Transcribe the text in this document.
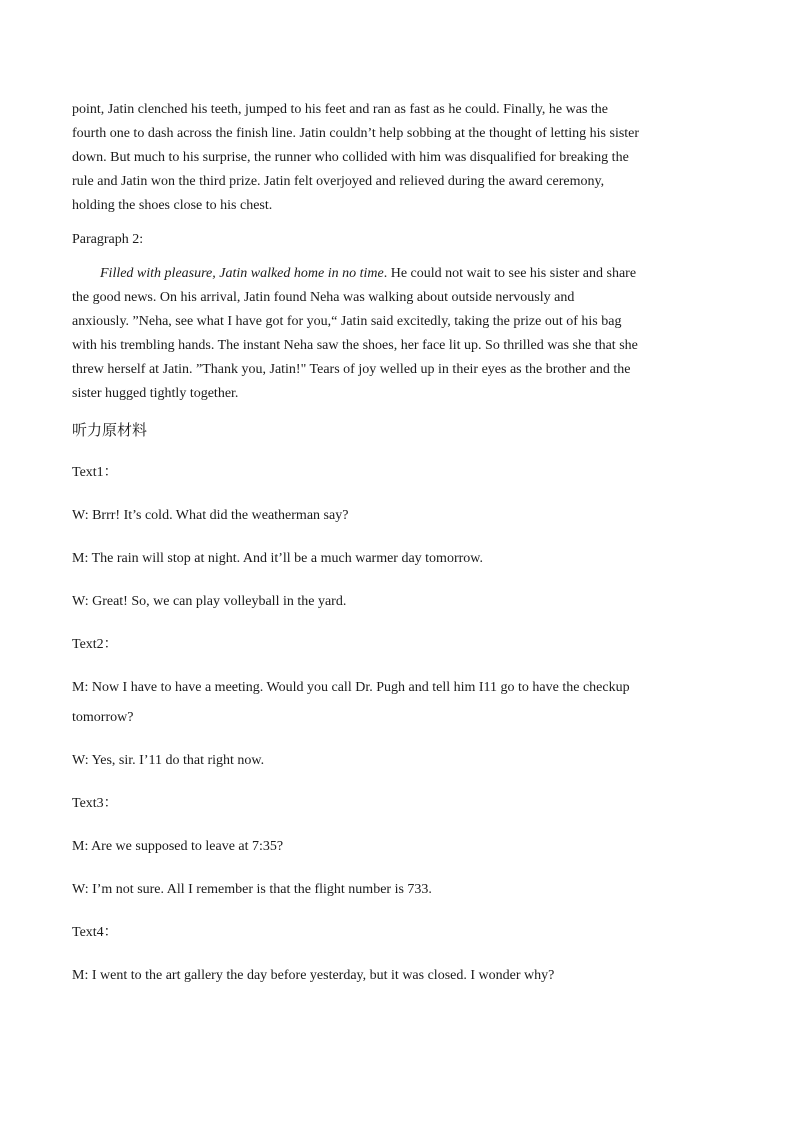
point, Jatin clenched his teeth, jumped to his feet and ran as fast as he could. Finally, he was the
fourth one to dash across the finish line. Jatin couldn’t help sobbing at the thought of letting his sister
down. But much to his surprise, the runner who collided with him was disqualified for breaking the
rule and Jatin won the third prize. Jatin felt overjoyed and relieved during the award ceremony,
holding the shoes close to his chest.

Paragraph 2:

Filled with pleasure, Jatin walked home in no time. He could not wait to see his sister and share
the good news. On his arrival, Jatin found Neha was walking about outside nervously and
anxiously. ”Neha, see what I have got for you,“ Jatin said excitedly, taking the prize out of his bag
with his trembling hands. The instant Neha saw the shoes, her face lit up. So thrilled was she that she
threw herself at Jatin. ”Thank you, Jatin!" Tears of joy welled up in their eyes as the brother and the
sister hugged tightly together.

听力原材料

Text1：

W: Brrr! It’s cold. What did the weatherman say?

M: The rain will stop at night. And it’ll be a much warmer day tomorrow.

W: Great! So, we can play volleyball in the yard.

Text2：

M: Now I have to have a meeting. Would you call Dr. Pugh and tell him I11 go to have the checkup

tomorrow?

W: Yes, sir. I’11 do that right now.

Text3：

M: Are we supposed to leave at 7:35?

W: I’m not sure. All I remember is that the flight number is 733.

Text4：

M: I went to the art gallery the day before yesterday, but it was closed. I wonder why?
